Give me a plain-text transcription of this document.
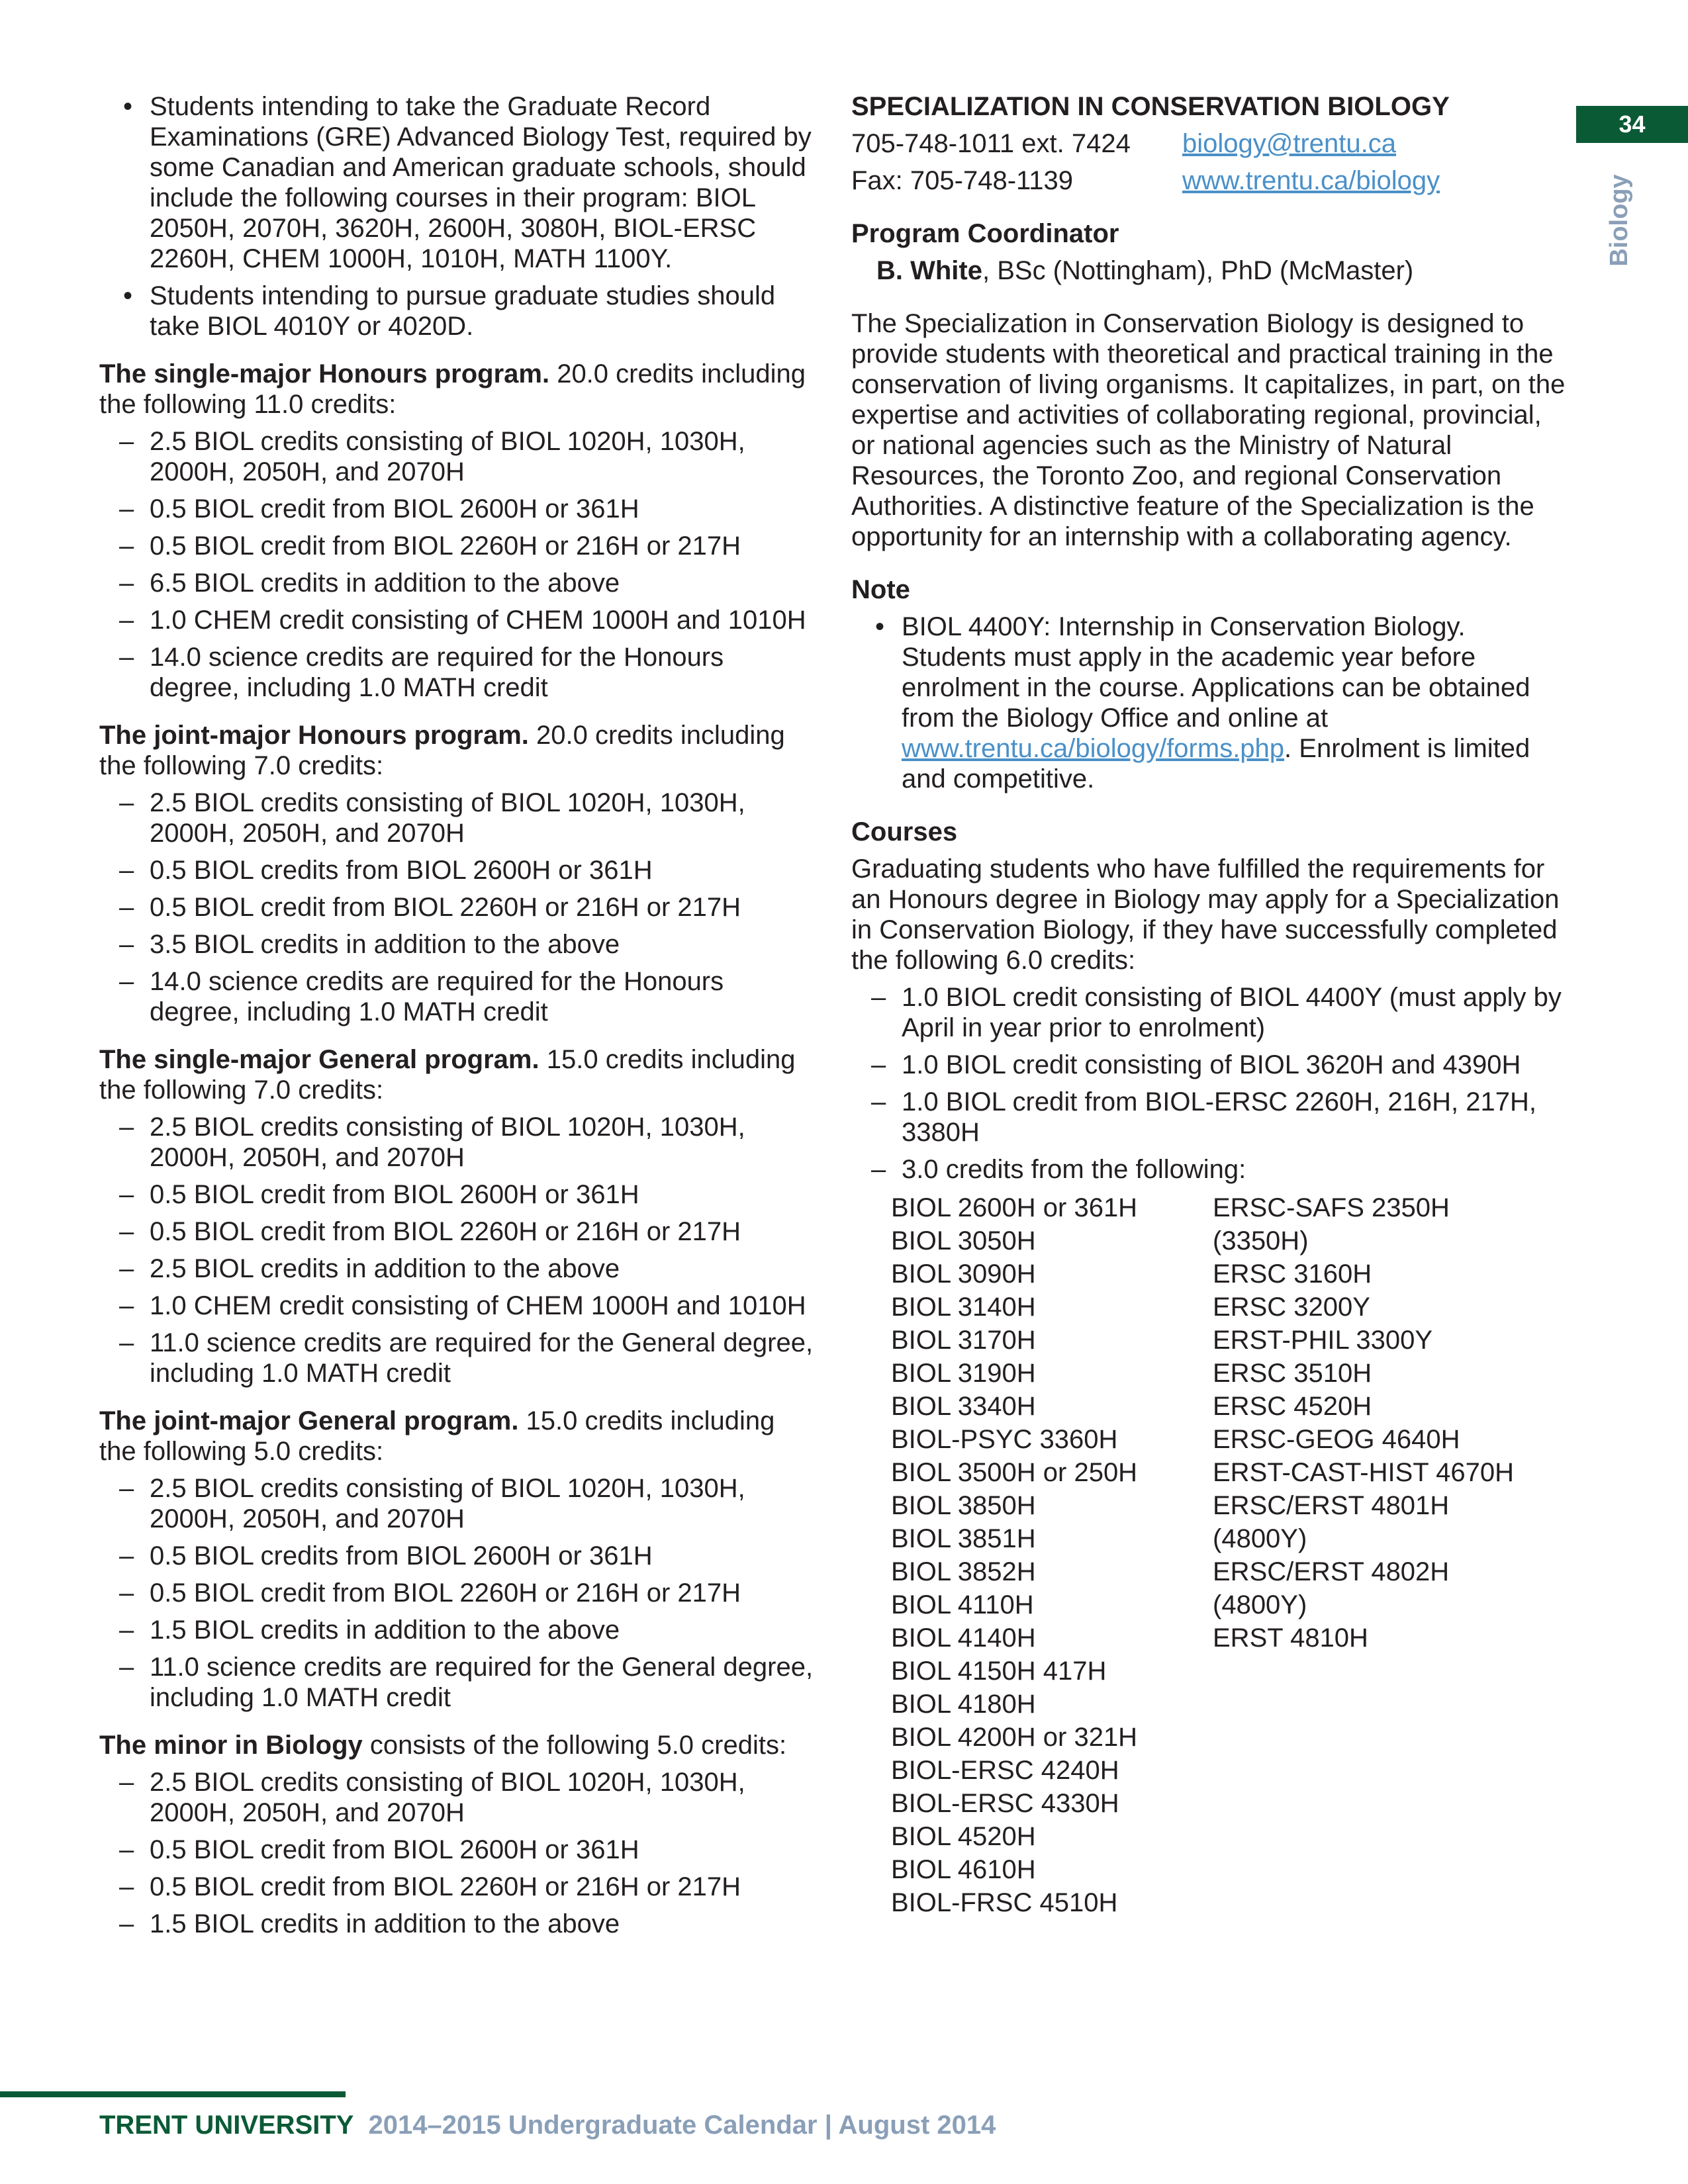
34
Biology
• Students intending to take the Graduate Record Examinations (GRE) Advanced Biology Test, required by some Canadian and American graduate schools, should include the following courses in their program: BIOL 2050H, 2070H, 3620H, 2600H, 3080H, BIOL-ERSC 2260H, CHEM 1000H, 1010H, MATH 1100Y.
• Students intending to pursue graduate studies should take BIOL 4010Y or 4020D.

The single-major Honours program. 20.0 credits including the following 11.0 credits:

– 2.5 BIOL credits consisting of BIOL 1020H, 1030H, 2000H, 2050H, and 2070H
– 0.5 BIOL credit from BIOL 2600H or 361H
– 0.5 BIOL credit from BIOL 2260H or 216H or 217H
– 6.5 BIOL credits in addition to the above
– 1.0 CHEM credit consisting of CHEM 1000H and 1010H
– 14.0 science credits are required for the Honours degree, including 1.0 MATH credit

The joint-major Honours program. 20.0 credits including the following 7.0 credits:

– 2.5 BIOL credits consisting of BIOL 1020H, 1030H, 2000H, 2050H, and 2070H
– 0.5 BIOL credits from BIOL 2600H or 361H
– 0.5 BIOL credit from BIOL 2260H or 216H or 217H
– 3.5 BIOL credits in addition to the above
– 14.0 science credits are required for the Honours degree, including 1.0 MATH credit

The single-major General program. 15.0 credits including the following 7.0 credits:

– 2.5 BIOL credits consisting of BIOL 1020H, 1030H, 2000H, 2050H, and 2070H
– 0.5 BIOL credit from BIOL 2600H or 361H
– 0.5 BIOL credit from BIOL 2260H or 216H or 217H
– 2.5 BIOL credits in addition to the above
– 1.0 CHEM credit consisting of CHEM 1000H and 1010H
– 11.0 science credits are required for the General degree, including 1.0 MATH credit

The joint-major General program. 15.0 credits including the following 5.0 credits:

– 2.5 BIOL credits consisting of BIOL 1020H, 1030H, 2000H, 2050H, and 2070H
– 0.5 BIOL credits from BIOL 2600H or 361H
– 0.5 BIOL credit from BIOL 2260H or 216H or 217H
– 1.5 BIOL credits in addition to the above
– 11.0 science credits are required for the General degree, including 1.0 MATH credit

The minor in Biology consists of the following 5.0 credits:

– 2.5 BIOL credits consisting of BIOL 1020H, 1030H, 2000H, 2050H, and 2070H
– 0.5 BIOL credit from BIOL 2600H or 361H
– 0.5 BIOL credit from BIOL 2260H or 216H or 217H
– 1.5 BIOL credits in addition to the above
SPECIALIZATION IN CONSERVATION BIOLOGY
705-748-1011 ext. 7424	biology@trentu.ca
Fax: 705-748-1139	www.trentu.ca/biology
Program Coordinator

B. White, BSc (Nottingham), PhD (McMaster)

The Specialization in Conservation Biology is designed to provide students with theoretical and practical training in the conservation of living organisms. It capitalizes, in part, on the expertise and activities of collaborating regional, provincial, or national agencies such as the Ministry of Natural Resources, the Toronto Zoo, and regional Conservation Authorities. A distinctive feature of the Specialization is the opportunity for an internship with a collaborating agency.

Note
• BIOL 4400Y: Internship in Conservation Biology. Students must apply in the academic year before enrolment in the course. Applications can be obtained from the Biology Office and online at www.trentu.ca/biology/forms.php. Enrolment is limited and competitive.
Courses

Graduating students who have fulfilled the requirements for an Honours degree in Biology may apply for a Specialization in Conservation Biology, if they have successfully completed the following 6.0 credits:

– 1.0 BIOL credit consisting of BIOL 4400Y (must apply by April in year prior to enrolment)
– 1.0 BIOL credit consisting of BIOL 3620H and 4390H
– 1.0 BIOL credit from BIOL-ERSC 2260H, 216H, 217H, 3380H
– 3.0 credits from the following:
BIOL 2600H or 361H
BIOL 3050H
BIOL 3090H
BIOL 3140H
BIOL 3170H
BIOL 3190H
BIOL 3340H
BIOL-PSYC 3360H
BIOL 3500H or 250H
BIOL 3850H
BIOL 3851H
BIOL 3852H
BIOL 4110H
BIOL 4140H
BIOL 4150H 417H
BIOL 4180H
BIOL 4200H or 321H
BIOL-ERSC 4240H
BIOL-ERSC 4330H
BIOL 4520H
BIOL 4610H
BIOL-FRSC 4510H
ERSC-SAFS 2350H (3350H)
ERSC 3160H
ERSC 3200Y
ERST-PHIL 3300Y
ERSC 3510H
ERSC 4520H
ERSC-GEOG 4640H
ERST-CAST-HIST 4670H
ERSC/ERST 4801H (4800Y)
ERSC/ERST 4802H (4800Y)
ERST 4810H
TRENT UNIVERSITY 2014–2015 Undergraduate Calendar | August 2014
